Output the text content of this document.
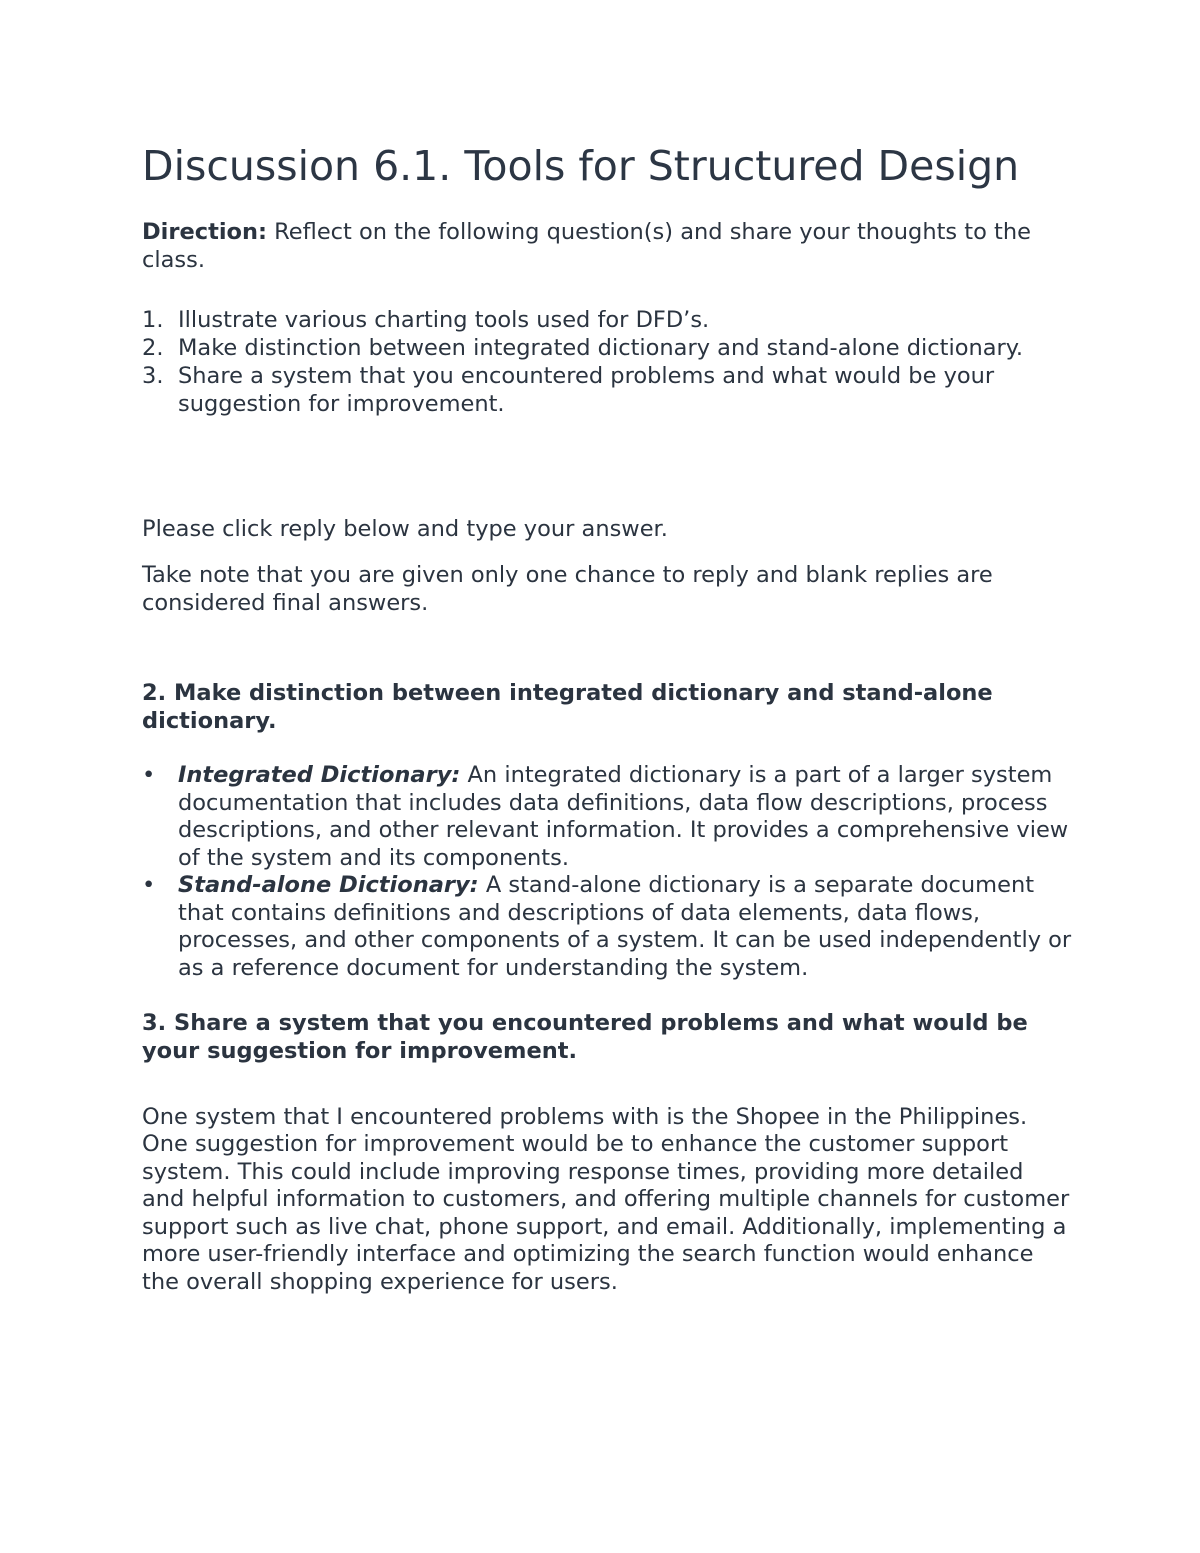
Discussion 6.1. Tools for Structured Design

Direction: Reflect on the following question(s) and share your thoughts to the class.

1. Illustrate various charting tools used for DFD’s.
2. Make distinction between integrated dictionary and stand-alone dictionary.
3. Share a system that you encountered problems and what would be your suggestion for improvement.

Please click reply below and type your answer.

Take note that you are given only one chance to reply and blank replies are considered final answers.

2. Make distinction between integrated dictionary and stand-alone dictionary.

• Integrated Dictionary: An integrated dictionary is a part of a larger system documentation that includes data definitions, data flow descriptions, process descriptions, and other relevant information. It provides a comprehensive view of the system and its components.
• Stand-alone Dictionary: A stand-alone dictionary is a separate document that contains definitions and descriptions of data elements, data flows, processes, and other components of a system. It can be used independently or as a reference document for understanding the system.

3. Share a system that you encountered problems and what would be your suggestion for improvement.

One system that I encountered problems with is the Shopee in the Philippines. One suggestion for improvement would be to enhance the customer support system. This could include improving response times, providing more detailed and helpful information to customers, and offering multiple channels for customer support such as live chat, phone support, and email. Additionally, implementing a more user-friendly interface and optimizing the search function would enhance the overall shopping experience for users.
